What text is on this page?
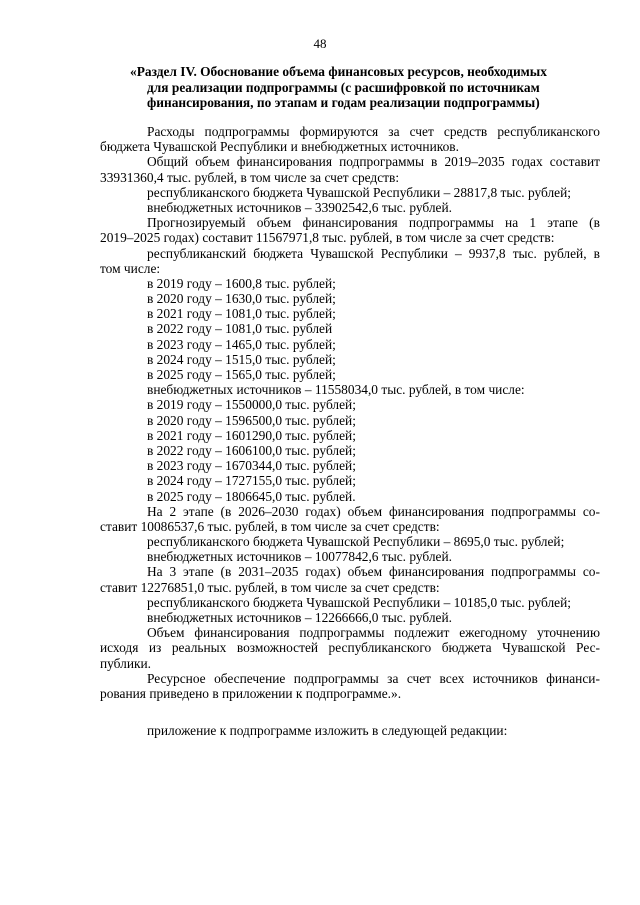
48
«Раздел IV. Обоснование объема финансовых ресурсов, необходимых
для реализации подпрограммы (с расшифровкой по источникам
финансирования, по этапам и годам реализации подпрограммы)
Расходы подпрограммы формируются за счет средств республиканского
бюджета Чувашской Республики и внебюджетных источников.
Общий объем финансирования подпрограммы в 2019–2035 годах составит
33931360,4 тыс. рублей, в том числе за счет средств:
республиканского бюджета Чувашской Республики – 28817,8 тыс. рублей;
внебюджетных источников – 33902542,6 тыс. рублей.
Прогнозируемый объем финансирования подпрограммы на 1 этапе (в
2019–2025 годах) составит 11567971,8 тыс. рублей, в том числе за счет средств:
республиканский бюджета Чувашской Республики – 9937,8 тыс. рублей, в
том числе:
в 2019 году – 1600,8 тыс. рублей;
в 2020 году – 1630,0 тыс. рублей;
в 2021 году – 1081,0 тыс. рублей;
в 2022 году – 1081,0 тыс. рублей
в 2023 году – 1465,0 тыс. рублей;
в 2024 году – 1515,0 тыс. рублей;
в 2025 году – 1565,0 тыс. рублей;
внебюджетных источников – 11558034,0 тыс. рублей, в том числе:
в 2019 году – 1550000,0 тыс. рублей;
в 2020 году – 1596500,0 тыс. рублей;
в 2021 году – 1601290,0 тыс. рублей;
в 2022 году – 1606100,0 тыс. рублей;
в 2023 году – 1670344,0 тыс. рублей;
в 2024 году – 1727155,0 тыс. рублей;
в 2025 году – 1806645,0 тыс. рублей.
На 2 этапе (в 2026–2030 годах) объем финансирования подпрограммы со-
ставит 10086537,6 тыс. рублей, в том числе за счет средств:
республиканского бюджета Чувашской Республики – 8695,0 тыс. рублей;
внебюджетных источников – 10077842,6 тыс. рублей.
На 3 этапе (в 2031–2035 годах) объем финансирования подпрограммы со-
ставит 12276851,0 тыс. рублей, в том числе за счет средств:
республиканского бюджета Чувашской Республики – 10185,0 тыс. рублей;
внебюджетных источников – 12266666,0 тыс. рублей.
Объем финансирования подпрограммы подлежит ежегодному уточнению
исходя из реальных возможностей республиканского бюджета Чувашской Рес-
публики.
Ресурсное обеспечение подпрограммы за счет всех источников финанси-
рования приведено в приложении к подпрограмме.».
приложение к подпрограмме изложить в следующей редакции:
